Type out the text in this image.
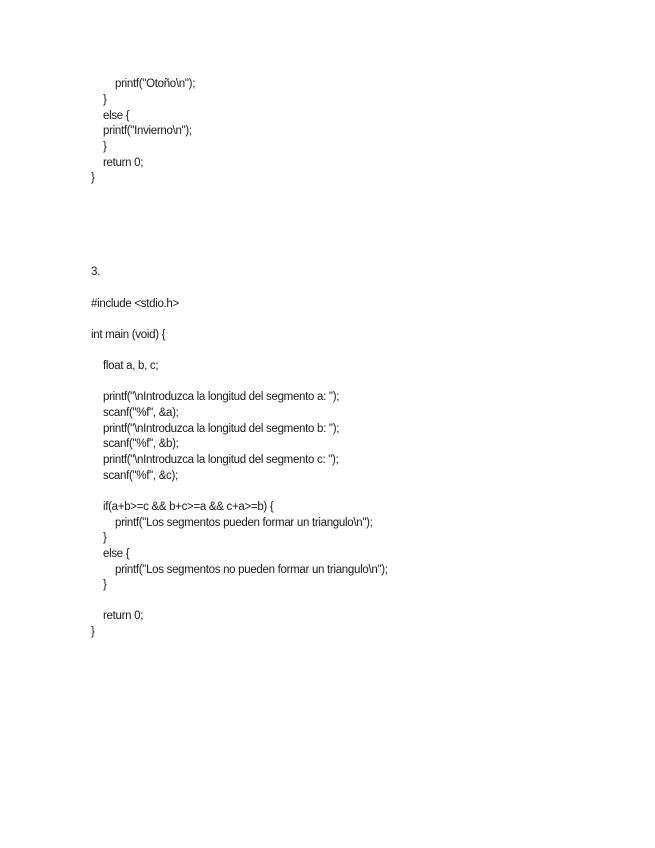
printf("Otoño\n");
}
else {
printf("Invierno\n");
}
return 0;
}
3.
#include <stdio.h>
int main (void) {
float a, b, c;
printf("\nIntroduzca la longitud del segmento a: ");
scanf("%f", &a);
printf("\nIntroduzca la longitud del segmento b: ");
scanf("%f", &b);
printf("\nIntroduzca la longitud del segmento c: ");
scanf("%f", &c);
if(a+b>=c && b+c>=a && c+a>=b) {
printf("Los segmentos pueden formar un triangulo\n");
}
else {
printf("Los segmentos no pueden formar un triangulo\n");
}
return 0;
}
